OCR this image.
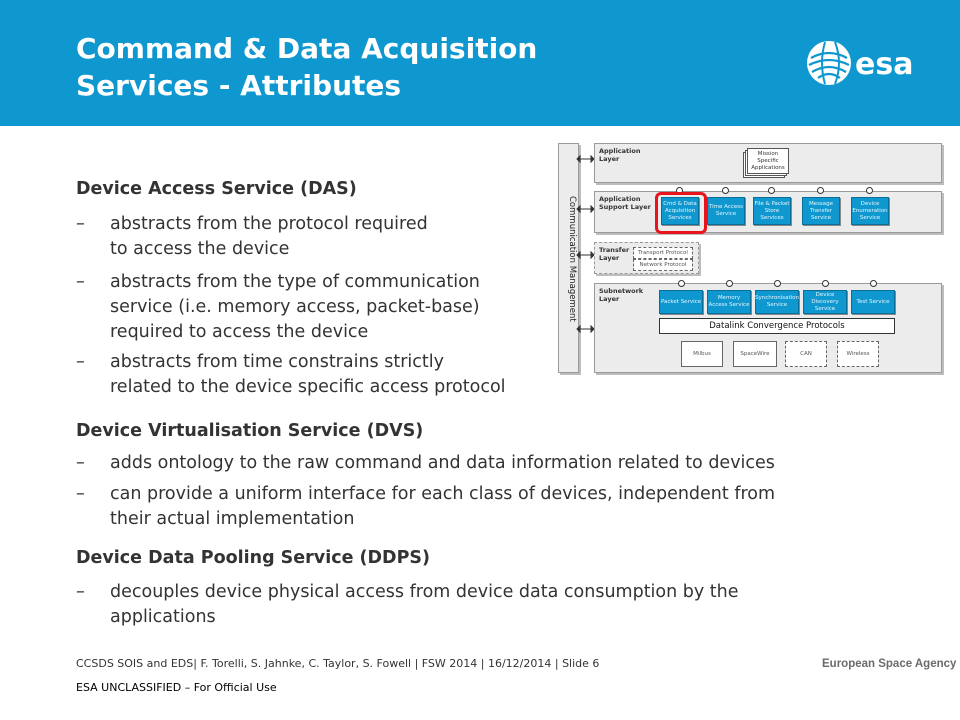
Command & Data Acquisition
Services - Attributes
esa
Device Access Service (DAS)
– abstracts from the protocol required
to access the device
– abstracts from the type of communication
service (i.e. memory access, packet-base)
required to access the device
– abstracts from time constrains strictly
related to the device specific access protocol
Device Virtualisation Service (DVS)
– adds ontology to the raw command and data information related to devices
– can provide a uniform interface for each class of devices, independent from
their actual implementation
Device Data Pooling Service (DDPS)
– decouples device physical access from device data consumption by the
applications
Communication Management
Application Layer
Mission Specific Applications
Application Support Layer	Cmd & Data Acquisition Services
Time Access Service
File & Packet Store Services
Message Transfer Service
Device Enumeration Service
Transfer Layer
Transport Protocol
Network Protocol
Subnetwork Layer	Packet Service
Memory Access Service
Synchronisation Service
Device Discovery Service
Test Service
Datalink Convergence Protocols
Milbus	SpaceWire	CAN	Wireless
CCSDS SOIS and EDS| F. Torelli, S. Jahnke, C. Taylor, S. Fowell | FSW 2014 | 16/12/2014 | Slide 6
ESA UNCLASSIFIED – For Official Use
European Space Agency
